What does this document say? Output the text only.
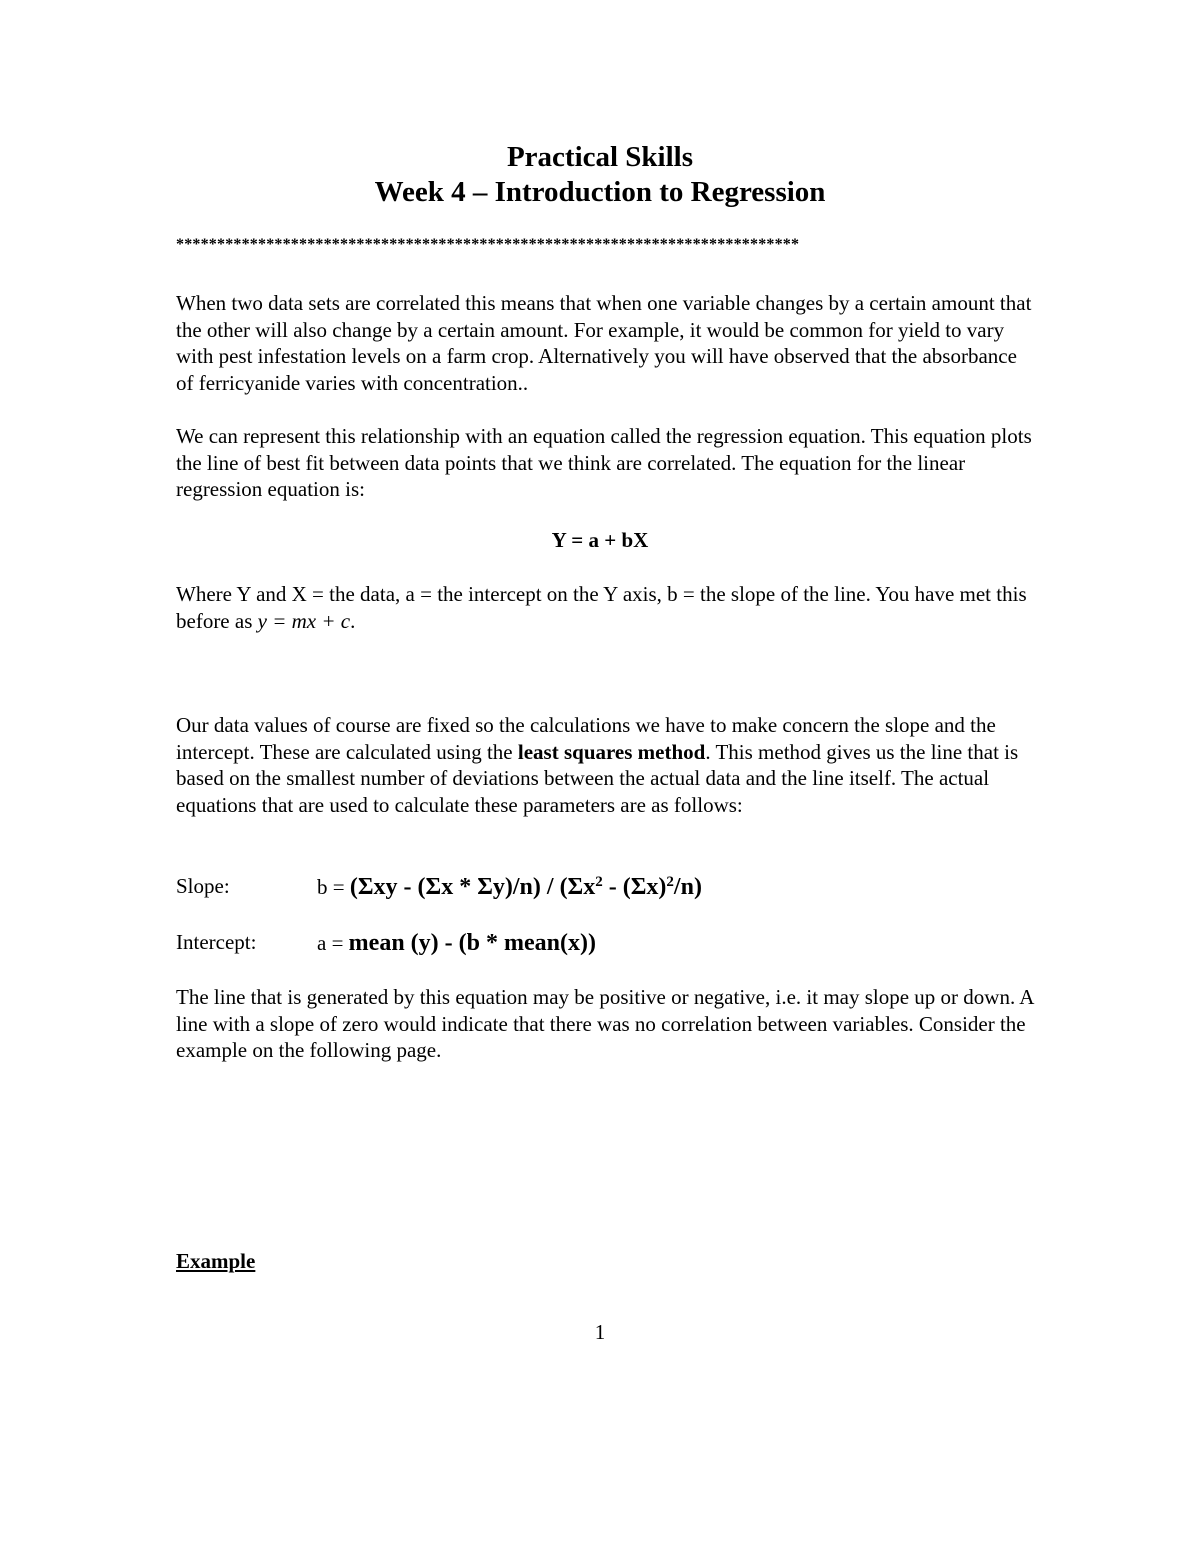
Practical Skills
Week 4 – Introduction to Regression
****************************************************************************
When two data sets are correlated this means that when one variable changes by a certain amount that the other will also change by a certain amount. For example, it would be common for yield to vary with pest infestation levels on a farm crop. Alternatively you will have observed that the absorbance of ferricyanide varies with concentration..
We can represent this relationship with an equation called the regression equation. This equation plots the line of best fit between data points that we think are correlated. The equation for the linear regression equation is:
Y = a + bX
Where Y and X = the data, a = the intercept on the Y axis, b = the slope of the line. You have met this before as y = mx + c.
Our data values of course are fixed so the calculations we have to make concern the slope and the intercept. These are calculated using the least squares method. This method gives us the line that is based on the smallest number of deviations between the actual data and the line itself. The actual equations that are used to calculate these parameters are as follows:
Slope:	$b = (\Sigma xy - (\Sigma x * \Sigma y)/n) / (\Sigma x^2 - (\Sigma x)^2/n)$
Intercept:	a = mean (y) - (b * mean(x))
The line that is generated by this equation may be positive or negative, i.e. it may slope up or down. A line with a slope of zero would indicate that there was no correlation between variables. Consider the example on the following page.
Example
1
